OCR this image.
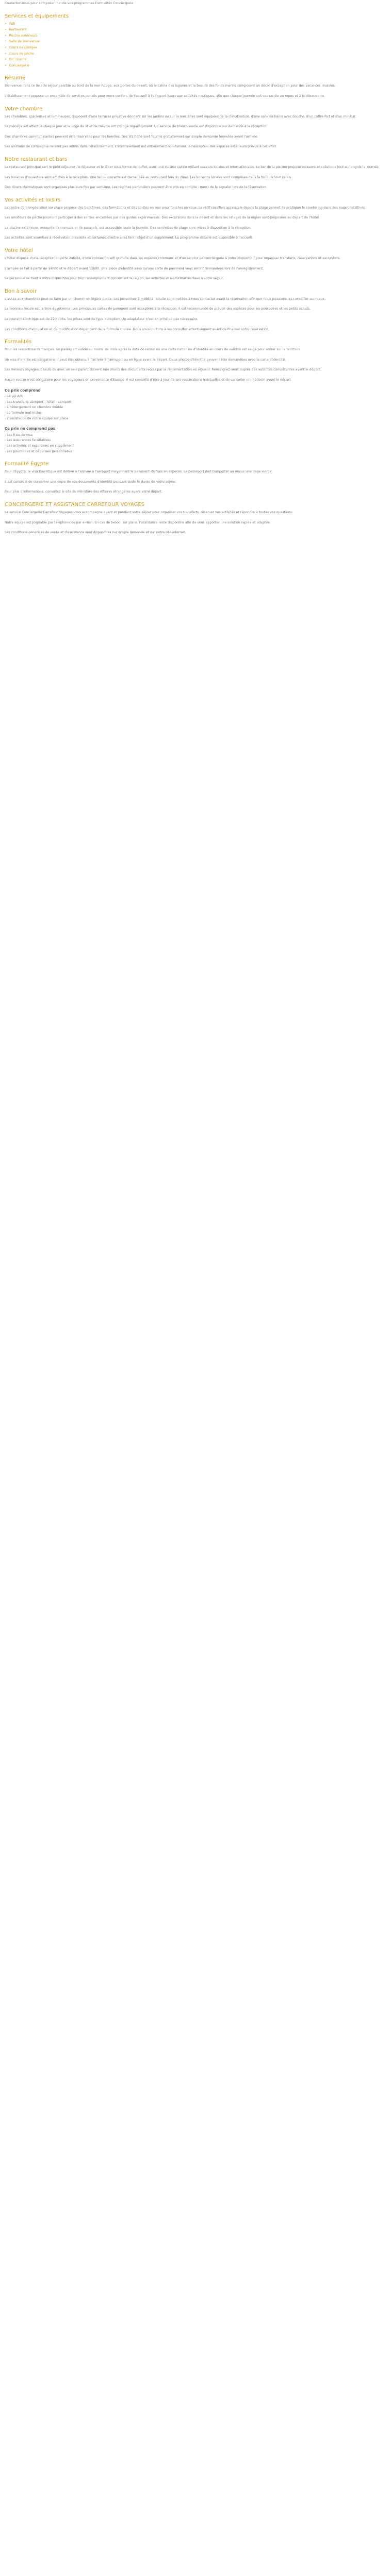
Contactez-nous pour composer l'un de vos programmes Formalités Conciergerie

Services et équipements
• Wifi
• Restaurant
• Piscine extérieure
• Salle de bienvenue
• Cours de plongée
• Cours de pêche
• Excursions
• Conciergerie
Résumé

Bienvenue dans ce lieu de séjour paisible au bord de la mer Rouge, aux portes du désert, où le calme des lagunes et la beauté des fonds marins composent un décor d'exception pour des vacances réussies.

L'établissement propose un ensemble de services pensés pour votre confort, de l'accueil à l'aéroport jusqu'aux activités nautiques, afin que chaque journée soit consacrée au repos et à la découverte.

Votre chambre

Les chambres, spacieuses et lumineuses, disposent d'une terrasse privative donnant sur les jardins ou sur la mer. Elles sont équipées de la climatisation, d'une salle de bains avec douche, d'un coffre-fort et d'un minibar.

Le ménage est effectué chaque jour et le linge de lit et de toilette est changé régulièrement. Un service de blanchisserie est disponible sur demande à la réception.

Des chambres communicantes peuvent être réservées pour les familles. Des lits bébé sont fournis gratuitement sur simple demande formulée avant l'arrivée.

Les animaux de compagnie ne sont pas admis dans l'établissement. L'établissement est entièrement non-fumeur, à l'exception des espaces extérieurs prévus à cet effet.

Notre restaurant et bars

Le restaurant principal sert le petit-déjeuner, le déjeuner et le dîner sous forme de buffet, avec une cuisine variée mêlant saveurs locales et internationales. Le bar de la piscine propose boissons et collations tout au long de la journée.

Les horaires d'ouverture sont affichés à la réception. Une tenue correcte est demandée au restaurant lors du dîner. Les boissons locales sont comprises dans la formule tout inclus.

Des dîners thématiques sont organisés plusieurs fois par semaine. Les régimes particuliers peuvent être pris en compte : merci de le signaler lors de la réservation.

Vos activités et loisirs

Le centre de plongée situé sur place propose des baptêmes, des formations et des sorties en mer pour tous les niveaux. Le récif corallien accessible depuis la plage permet de pratiquer le snorkeling dans des eaux cristallines.

Les amateurs de pêche pourront participer à des sorties encadrées par des guides expérimentés. Des excursions dans le désert et dans les villages de la région sont proposées au départ de l'hôtel.

La piscine extérieure, entourée de transats et de parasols, est accessible toute la journée. Des serviettes de plage sont mises à disposition à la réception.

Les activités sont soumises à réservation préalable et certaines d'entre elles font l'objet d'un supplément. Le programme détaillé est disponible à l'accueil.

Votre hôtel

L'hôtel dispose d'une réception ouverte 24h/24, d'une connexion wifi gratuite dans les espaces communs et d'un service de conciergerie à votre disposition pour organiser transferts, réservations et excursions.

L'arrivée se fait à partir de 14h00 et le départ avant 12h00. Une pièce d'identité ainsi qu'une carte de paiement vous seront demandées lors de l'enregistrement.

Le personnel se tient à votre disposition pour tout renseignement concernant la région, les activités et les formalités liées à votre séjour.

Bon à savoir

L'accès aux chambres peut se faire par un chemin en légère pente. Les personnes à mobilité réduite sont invitées à nous contacter avant la réservation afin que nous puissions les conseiller au mieux.

La monnaie locale est la livre égyptienne. Les principales cartes de paiement sont acceptées à la réception. Il est recommandé de prévoir des espèces pour les pourboires et les petits achats.

Le courant électrique est de 220 volts, les prises sont de type européen. Un adaptateur n'est en principe pas nécessaire.

Les conditions d'annulation et de modification dépendent de la formule choisie. Nous vous invitons à les consulter attentivement avant de finaliser votre réservation.

Formalités

Pour les ressortissants français, un passeport valide au moins six mois après la date de retour ou une carte nationale d'identité en cours de validité est exigé pour entrer sur le territoire.

Un visa d'entrée est obligatoire. Il peut être obtenu à l'arrivée à l'aéroport ou en ligne avant le départ. Deux photos d'identité peuvent être demandées avec la carte d'identité.

Les mineurs voyageant seuls ou avec un seul parent doivent être munis des documents requis par la réglementation en vigueur. Renseignez-vous auprès des autorités compétentes avant le départ.

Aucun vaccin n'est obligatoire pour les voyageurs en provenance d'Europe. Il est conseillé d'être à jour de ses vaccinations habituelles et de consulter un médecin avant le départ.

Ce prix comprend
- Le vol A/R
- Les transferts aéroport - hôtel - aéroport
- L'hébergement en chambre double
- La formule tout inclus
- L'assistance de notre équipe sur place
Ce prix ne comprend pas
- Les frais de visa
- Les assurances facultatives
- Les activités et excursions en supplément
- Les pourboires et dépenses personnelles
Formalité Égypte

Pour l'Égypte, le visa touristique est délivré à l'arrivée à l'aéroport moyennant le paiement de frais en espèces. Le passeport doit comporter au moins une page vierge.

Il est conseillé de conserver une copie de vos documents d'identité pendant toute la durée de votre séjour.

Pour plus d'informations, consultez le site du ministère des Affaires étrangères avant votre départ.

CONCIERGERIE ET ASSISTANCE CARREFOUR VOYAGES

Le service Conciergerie Carrefour Voyages vous accompagne avant et pendant votre séjour pour organiser vos transferts, réserver vos activités et répondre à toutes vos questions.

Notre équipe est joignable par téléphone ou par e-mail. En cas de besoin sur place, l'assistance reste disponible afin de vous apporter une solution rapide et adaptée.

Les conditions générales de vente et d'assistance sont disponibles sur simple demande et sur notre site internet.
